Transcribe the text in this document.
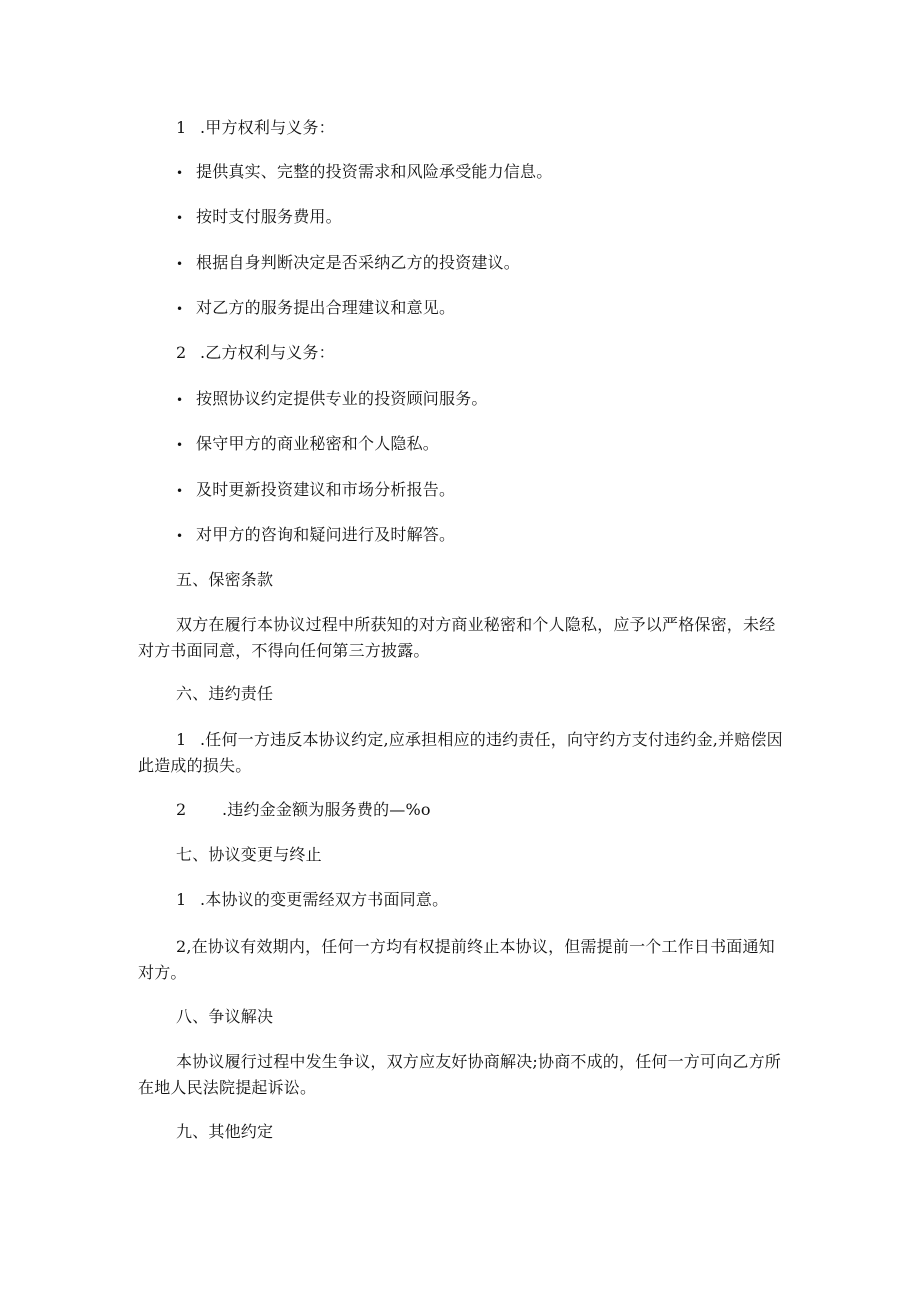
1 .甲方权利与义务：
• 提供真实、完整的投资需求和风险承受能力信息。
• 按时支付服务费用。
• 根据自身判断决定是否采纳乙方的投资建议。
• 对乙方的服务提出合理建议和意见。
2 .乙方权利与义务：
• 按照协议约定提供专业的投资顾问服务。
• 保守甲方的商业秘密和个人隐私。
• 及时更新投资建议和市场分析报告。
• 对甲方的咨询和疑问进行及时解答。
五、保密条款
双方在履行本协议过程中所获知的对方商业秘密和个人隐私，应予以严格保密，未经对方书面同意，不得向任何第三方披露。
六、违约责任
1 .任何一方违反本协议约定,应承担相应的违约责任，向守约方支付违约金,并赔偿因此造成的损失。
2 .违约金金额为服务费的—%o
七、协议变更与终止
1 .本协议的变更需经双方书面同意。
2,在协议有效期内，任何一方均有权提前终止本协议，但需提前一个工作日书面通知对方。
八、争议解决
本协议履行过程中发生争议，双方应友好协商解决;协商不成的，任何一方可向乙方所在地人民法院提起诉讼。
九、其他约定
